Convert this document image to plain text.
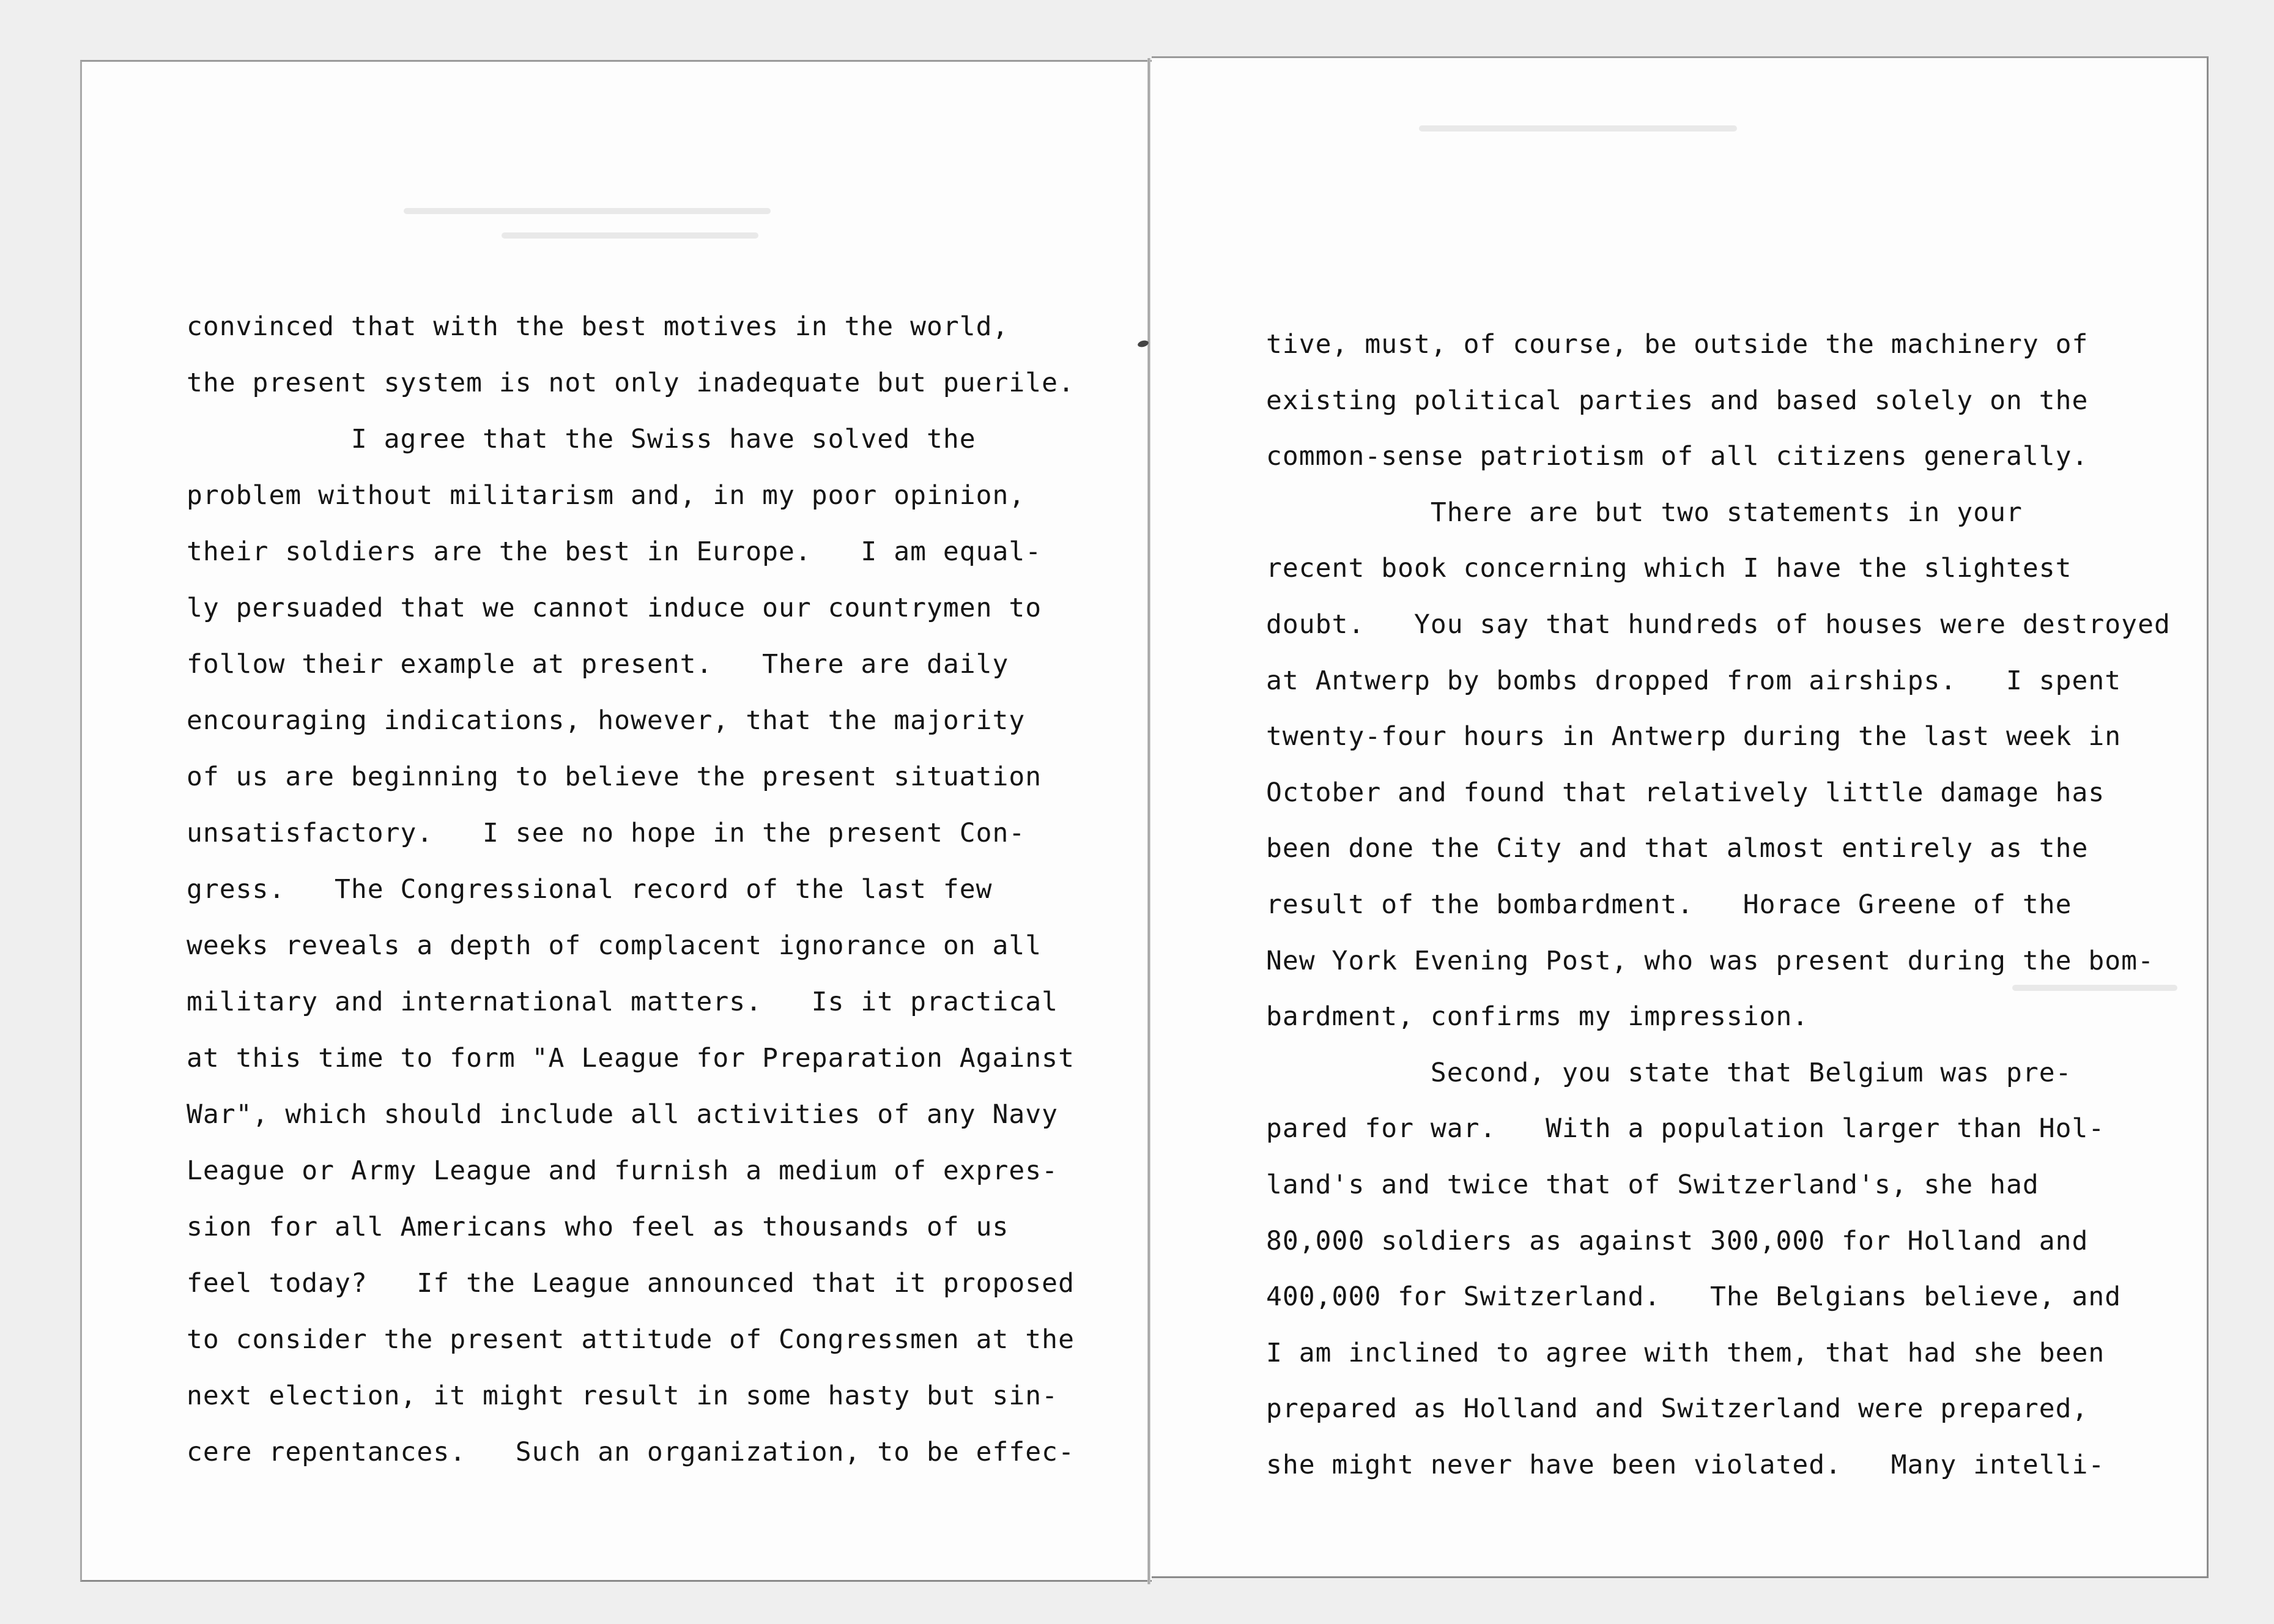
convinced that with the best motives in the world,
the present system is not only inadequate but puerile.
I agree that the Swiss have solved the
problem without militarism and, in my poor opinion,
their soldiers are the best in Europe.   I am equal-
ly persuaded that we cannot induce our countrymen to
follow their example at present.   There are daily
encouraging indications, however, that the majority
of us are beginning to believe the present situation
unsatisfactory.   I see no hope in the present Con-
gress.   The Congressional record of the last few
weeks reveals a depth of complacent ignorance on all
military and international matters.   Is it practical
at this time to form "A League for Preparation Against
War", which should include all activities of any Navy
League or Army League and furnish a medium of expres-
sion for all Americans who feel as thousands of us
feel today?   If the League announced that it proposed
to consider the present attitude of Congressmen at the
next election, it might result in some hasty but sin-
cere repentances.   Such an organization, to be effec-
tive, must, of course, be outside the machinery of
existing political parties and based solely on the
common-sense patriotism of all citizens generally.
There are but two statements in your
recent book concerning which I have the slightest
doubt.   You say that hundreds of houses were destroyed
at Antwerp by bombs dropped from airships.   I spent
twenty-four hours in Antwerp during the last week in
October and found that relatively little damage has
been done the City and that almost entirely as the
result of the bombardment.   Horace Greene of the
New York Evening Post, who was present during the bom-
bardment, confirms my impression.
Second, you state that Belgium was pre-
pared for war.   With a population larger than Hol-
land's and twice that of Switzerland's, she had
80,000 soldiers as against 300,000 for Holland and
400,000 for Switzerland.   The Belgians believe, and
I am inclined to agree with them, that had she been
prepared as Holland and Switzerland were prepared,
she might never have been violated.   Many intelli-
